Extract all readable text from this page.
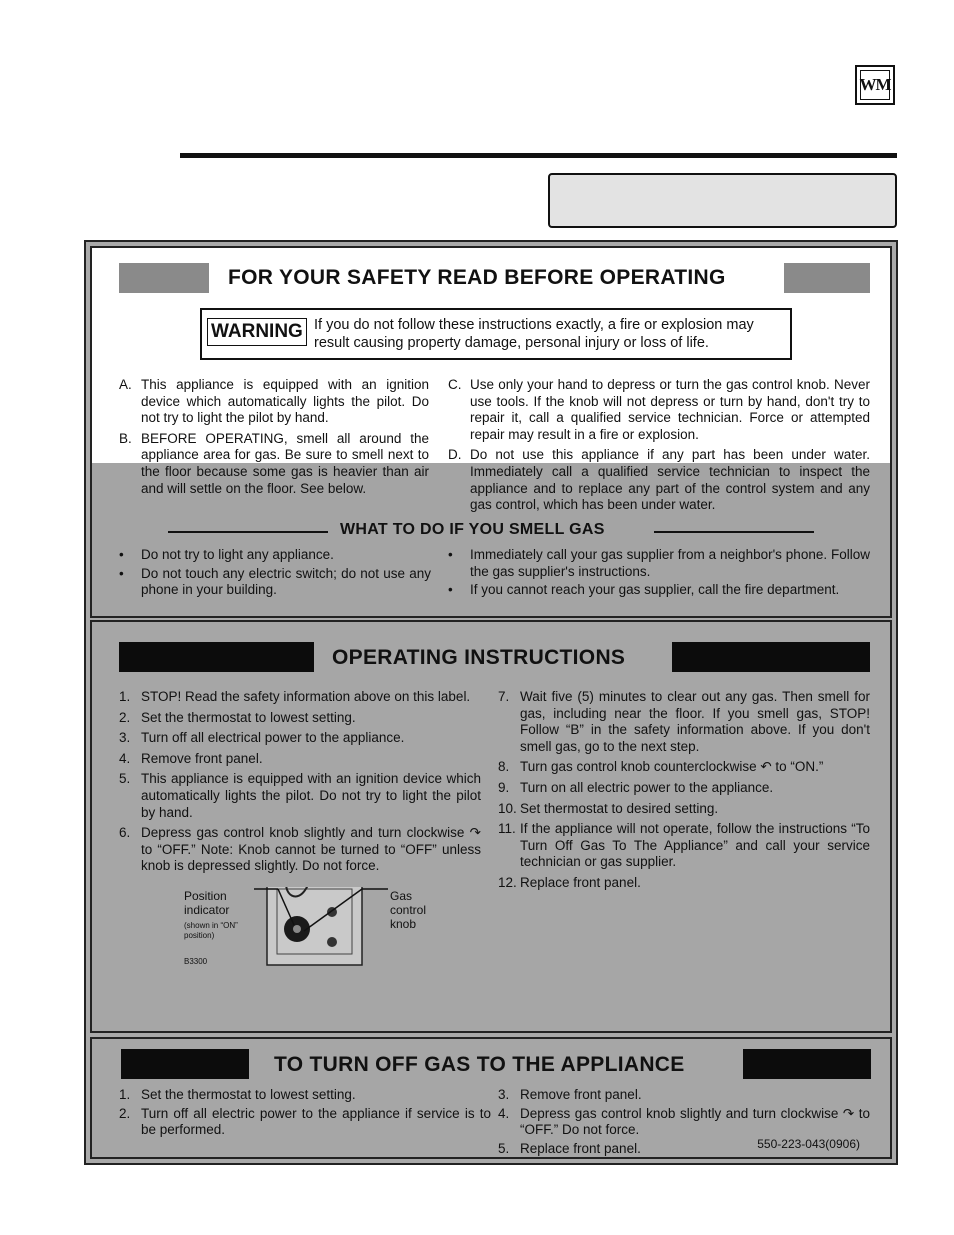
WM
FOR YOUR SAFETY READ BEFORE OPERATING
WARNING If you do not follow these instructions exactly, a fire or explosion may result causing property damage, personal injury or loss of life.
A. This appliance is equipped with an ignition device which automatically lights the pilot. Do not try to light the pilot by hand.
B. BEFORE OPERATING, smell all around the appliance area for gas. Be sure to smell next to the floor because some gas is heavier than air and will settle on the floor. See below.
C. Use only your hand to depress or turn the gas control knob. Never use tools. If the knob will not depress or turn by hand, don't try to repair it, call a qualified service technician. Force or attempted repair may result in a fire or explosion.
D. Do not use this appliance if any part has been under water. Immediately call a qualified service technician to inspect the appliance and to replace any part of the control system and any gas control, which has been under water.
WHAT TO DO IF YOU SMELL GAS
•	Do not try to light any appliance.
•	Do not touch any electric switch; do not use any phone in your building.
•	Immediately call your gas supplier from a neighbor's phone. Follow the gas supplier's instructions.
•	If you cannot reach your gas supplier, call the fire department.
OPERATING INSTRUCTIONS
1. STOP! Read the safety information above on this label.
2. Set the thermostat to lowest setting.
3. Turn off all electrical power to the appliance.
4. Remove front panel.
5. This appliance is equipped with an ignition device which automatically lights the pilot. Do not try to light the pilot by hand.
6. Depress gas control knob slightly and turn clockwise ↷ to “OFF.” Note: Knob cannot be turned to “OFF” unless knob is depressed slightly. Do not force.
7. Wait five (5) minutes to clear out any gas. Then smell for gas, including near the floor. If you smell gas, STOP! Follow “B” in the safety information above. If you don't smell gas, go to the next step.
8. Turn gas control knob counterclockwise ↶ to “ON.”
9. Turn on all electric power to the appliance.
10. Set thermostat to desired setting.
11. If the appliance will not operate, follow the instructions “To Turn Off Gas To The Appliance” and call your service technician or gas supplier.
12. Replace front panel.
Position indicator
(shown in “ON” position)
B3300
Gas control knob
TO TURN OFF GAS TO THE APPLIANCE
1. Set the thermostat to lowest setting.
2. Turn off all electric power to the appliance if service is to be performed.
3. Remove front panel.
4. Depress gas control knob slightly and turn clockwise ↷ to “OFF.” Do not force.
5. Replace front panel.	550-223-043(0906)
